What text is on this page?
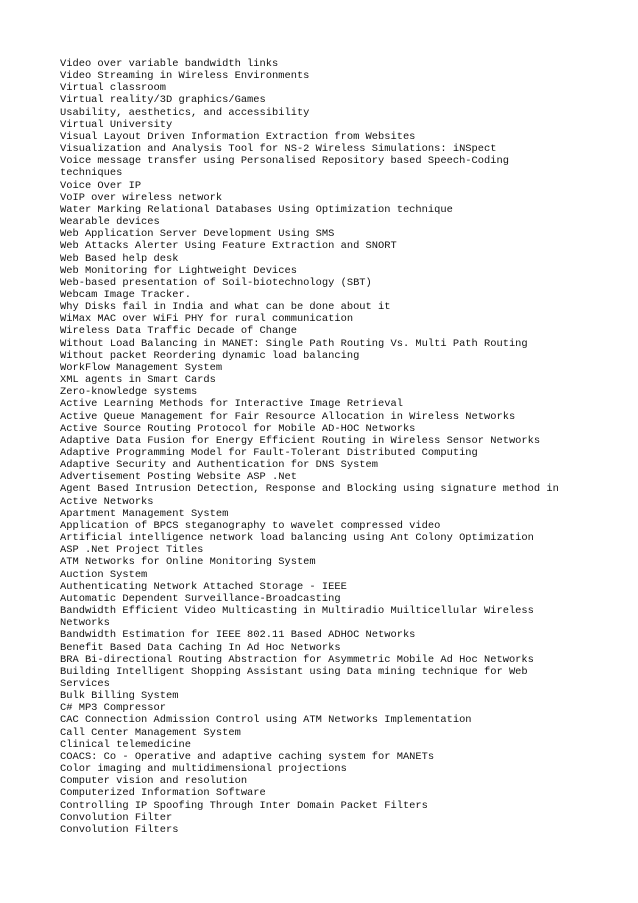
Video over variable bandwidth links
Video Streaming in Wireless Environments
Virtual classroom
Virtual reality/3D graphics/Games
Usability, aesthetics, and accessibility
Virtual University
Visual Layout Driven Information Extraction from Websites
Visualization and Analysis Tool for NS-2 Wireless Simulations: iNSpect
Voice message transfer using Personalised Repository based Speech-Coding
techniques
Voice Over IP
VoIP over wireless network
Water Marking Relational Databases Using Optimization technique
Wearable devices
Web Application Server Development Using SMS
Web Attacks Alerter Using Feature Extraction and SNORT
Web Based help desk
Web Monitoring for Lightweight Devices
Web-based presentation of Soil-biotechnology (SBT)
Webcam Image Tracker.
Why Disks fail in India and what can be done about it
WiMax MAC over WiFi PHY for rural communication
Wireless Data Traffic Decade of Change
Without Load Balancing in MANET: Single Path Routing Vs. Multi Path Routing
Without packet Reordering dynamic load balancing
WorkFlow Management System
XML agents in Smart Cards
Zero-knowledge systems
Active Learning Methods for Interactive Image Retrieval
Active Queue Management for Fair Resource Allocation in Wireless Networks
Active Source Routing Protocol for Mobile AD-HOC Networks
Adaptive Data Fusion for Energy Efficient Routing in Wireless Sensor Networks
Adaptive Programming Model for Fault-Tolerant Distributed Computing
Adaptive Security and Authentication for DNS System
Advertisement Posting Website ASP .Net
Agent Based Intrusion Detection, Response and Blocking using signature method in
Active Networks
Apartment Management System
Application of BPCS steganography to wavelet compressed video
Artificial intelligence network load balancing using Ant Colony Optimization
ASP .Net Project Titles
ATM Networks for Online Monitoring System
Auction System
Authenticating Network Attached Storage - IEEE
Automatic Dependent Surveillance-Broadcasting
Bandwidth Efficient Video Multicasting in Multiradio Muilticellular Wireless
Networks
Bandwidth Estimation for IEEE 802.11 Based ADHOC Networks
Benefit Based Data Caching In Ad Hoc Networks
BRA Bi-directional Routing Abstraction for Asymmetric Mobile Ad Hoc Networks
Building Intelligent Shopping Assistant using Data mining technique for Web
Services
Bulk Billing System
C# MP3 Compressor
CAC Connection Admission Control using ATM Networks Implementation
Call Center Management System
Clinical telemedicine
COACS: Co - Operative and adaptive caching system for MANETs
Color imaging and multidimensional projections
Computer vision and resolution
Computerized Information Software
Controlling IP Spoofing Through Inter Domain Packet Filters
Convolution Filter
Convolution Filters
